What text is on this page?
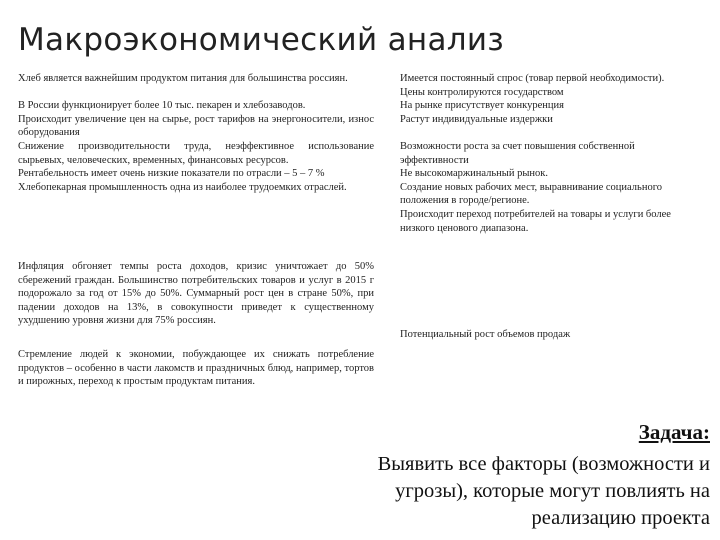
Макроэкономический анализ

Хлеб является важнейшим продуктом питания для большинства россиян.

В России функционирует более 10 тыс. пекарен и хлебозаводов.

Происходит увеличение цен на сырье, рост тарифов на энергоносители, износ оборудования

Снижение производительности труда, неэффективное использование сырьевых, человеческих, временных, финансовых ресурсов.

Рентабельность имеет очень низкие показатели по отрасли – 5 – 7 %

Хлебопекарная промышленность одна из наиболее трудоемких отраслей.

Имеется постоянный спрос (товар первой необходимости).

Цены контролируются государством

На рынке присутствует конкуренция

Растут индивидуальные издержки

Возможности роста за счет повышения собственной эффективности

Не высокомаржинальный рынок.

Создание новых рабочих мест, выравнивание социального положения в городе/регионе.

Происходит переход потребителей на товары и услуги более низкого ценового диапазона.

Инфляция обгоняет темпы роста доходов, кризис уничтожает до 50% сбережений граждан. Большинство потребительских товаров и услуг в 2015 г подорожало за год от 15% до 50%. Суммарный рост цен в стране 50%, при падении доходов на 13%, в совокупности приведет к существенному ухудшению уровня жизни для 75% россиян.

Потенциальный рост объемов продаж

Стремление людей к экономии, побуждающее их снижать потребление продуктов – особенно в части лакомств и праздничных блюд, например, тортов и пирожных, переход к простым продуктам питания.

Задача:

Выявить все факторы (возможности и угрозы), которые могут повлиять на реализацию проекта
